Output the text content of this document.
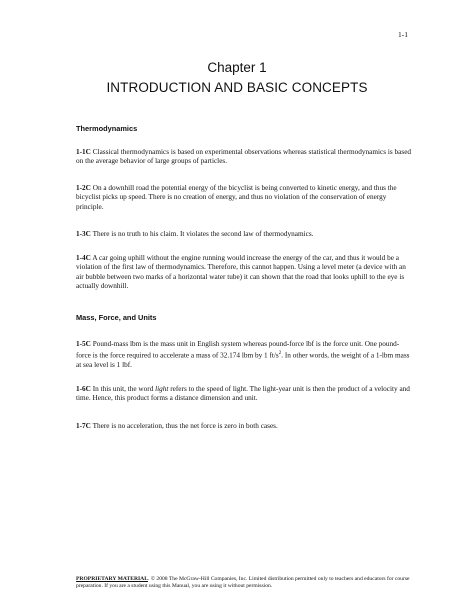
1-1
Chapter 1
INTRODUCTION AND BASIC CONCEPTS
Thermodynamics
1-1C Classical thermodynamics is based on experimental observations whereas statistical thermodynamics is based on the average behavior of large groups of particles.
1-2C On a downhill road the potential energy of the bicyclist is being converted to kinetic energy, and thus the bicyclist picks up speed. There is no creation of energy, and thus no violation of the conservation of energy principle.
1-3C There is no truth to his claim. It violates the second law of thermodynamics.
1-4C A car going uphill without the engine running would increase the energy of the car, and thus it would be a violation of the first law of thermodynamics. Therefore, this cannot happen. Using a level meter (a device with an air bubble between two marks of a horizontal water tube) it can shown that the road that looks uphill to the eye is actually downhill.
Mass, Force, and Units
1-5C Pound-mass lbm is the mass unit in English system whereas pound-force lbf is the force unit. One pound-force is the force required to accelerate a mass of 32.174 lbm by 1 $ft/s^2$. In other words, the weight of a 1-lbm mass at sea level is 1 lbf.
1-6C In this unit, the word light refers to the speed of light. The light-year unit is then the product of a velocity and time. Hence, this product forms a distance dimension and unit.
1-7C There is no acceleration, thus the net force is zero in both cases.
PROPRIETARY MATERIAL. © 2008 The McGraw-Hill Companies, Inc. Limited distribution permitted only to teachers and educators for course preparation. If you are a student using this Manual, you are using it without permission.
